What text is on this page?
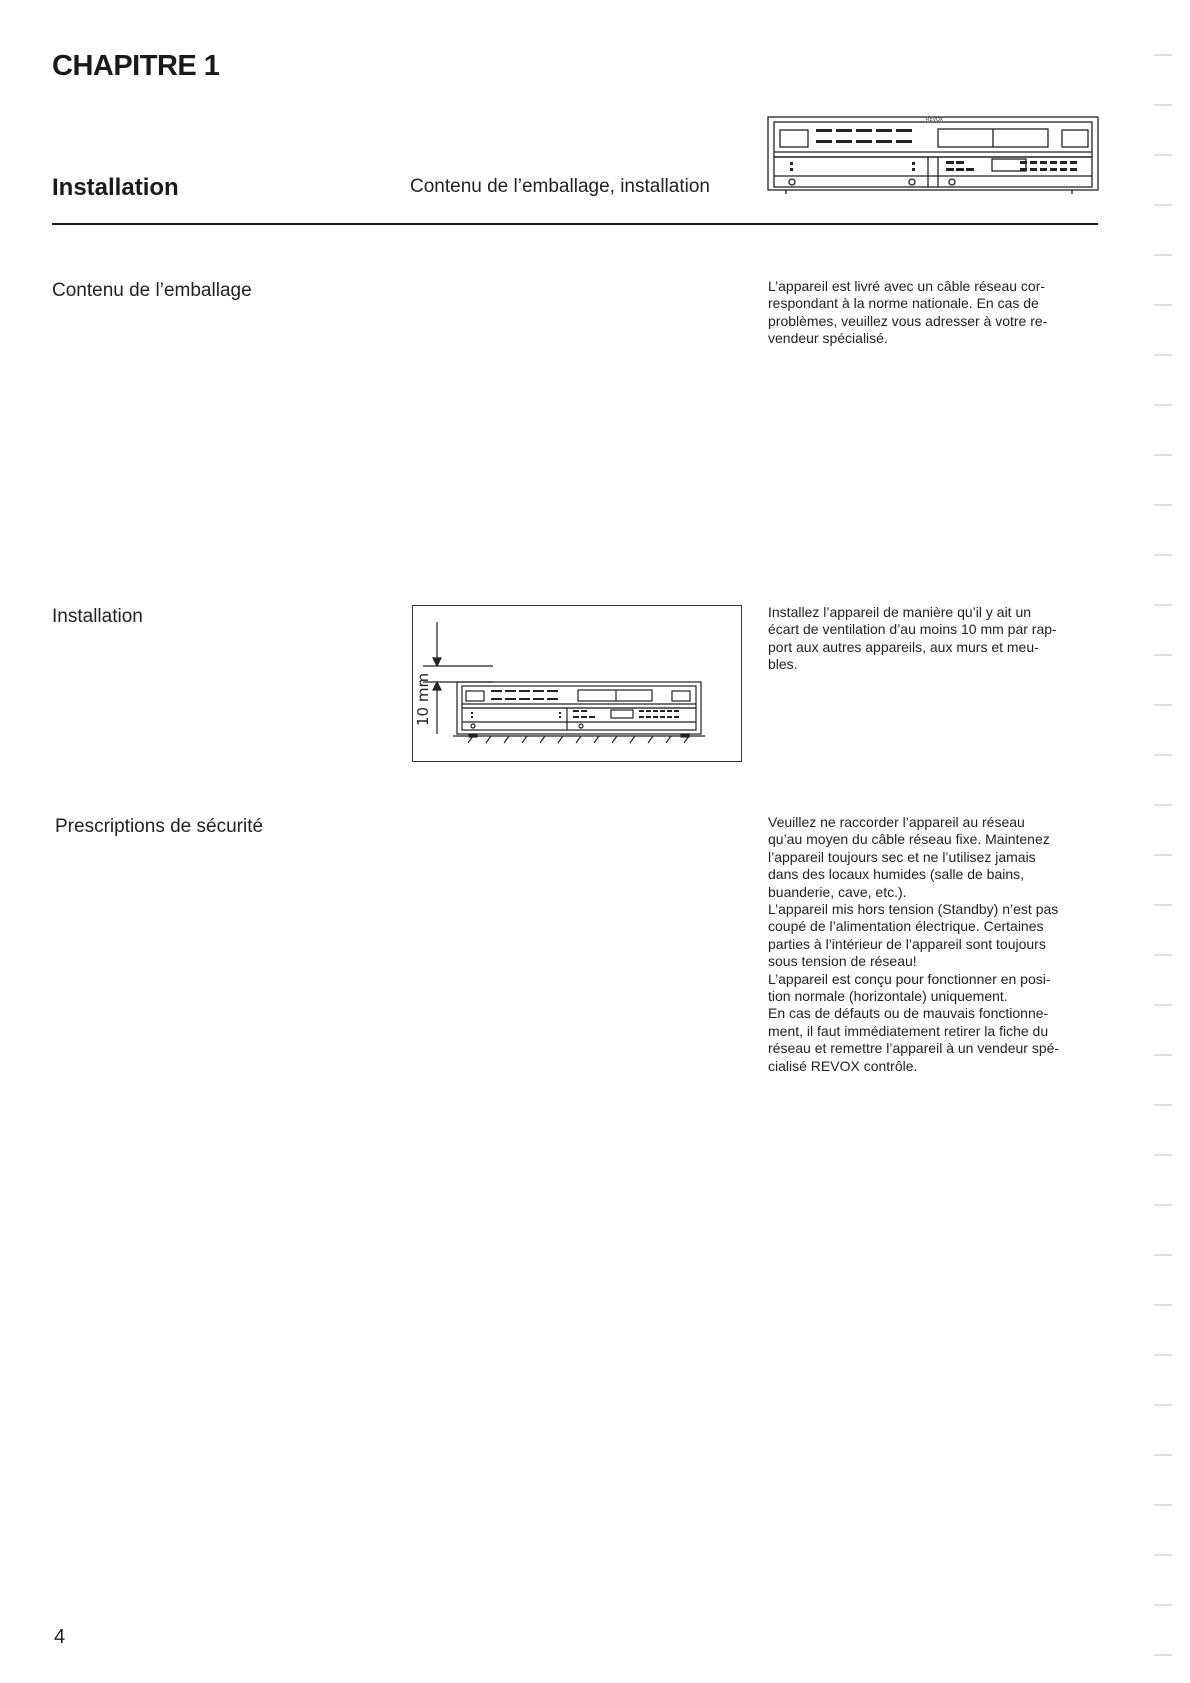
CHAPITRE 1
Installation	Contenu de l’emballage, installation
REVOX
Contenu de l’emballage	L’appareil est livré avec un câble réseau cor-
respondant à la norme nationale. En cas de
problèmes, veuillez vous adresser à votre re-
vendeur spécialisé.

Installation
10 mm

Installez l’appareil de manière qu’il y ait un
écart de ventilation d’au moins 10 mm par rap-
port aux autres appareils, aux murs et meu-
bles.

Prescriptions de sécurité	Veuillez ne raccorder l’appareil au réseau
qu’au moyen du câble réseau fixe. Maintenez
l’appareil toujours sec et ne l’utilisez jamais
dans des locaux humides (salle de bains,
buanderie, cave, etc.).
L’appareil mis hors tension (Standby) n’est pas
coupé de l’alimentation électrique. Certaines
parties à l’intérieur de l’appareil sont toujours
sous tension de réseau!
L’appareil est conçu pour fonctionner en posi-
tion normale (horizontale) uniquement.
En cas de défauts ou de mauvais fonctionne-
ment, il faut immédiatement retirer la fiche du
réseau et remettre l’appareil à un vendeur spé-
cialisé REVOX contrôle.

4
